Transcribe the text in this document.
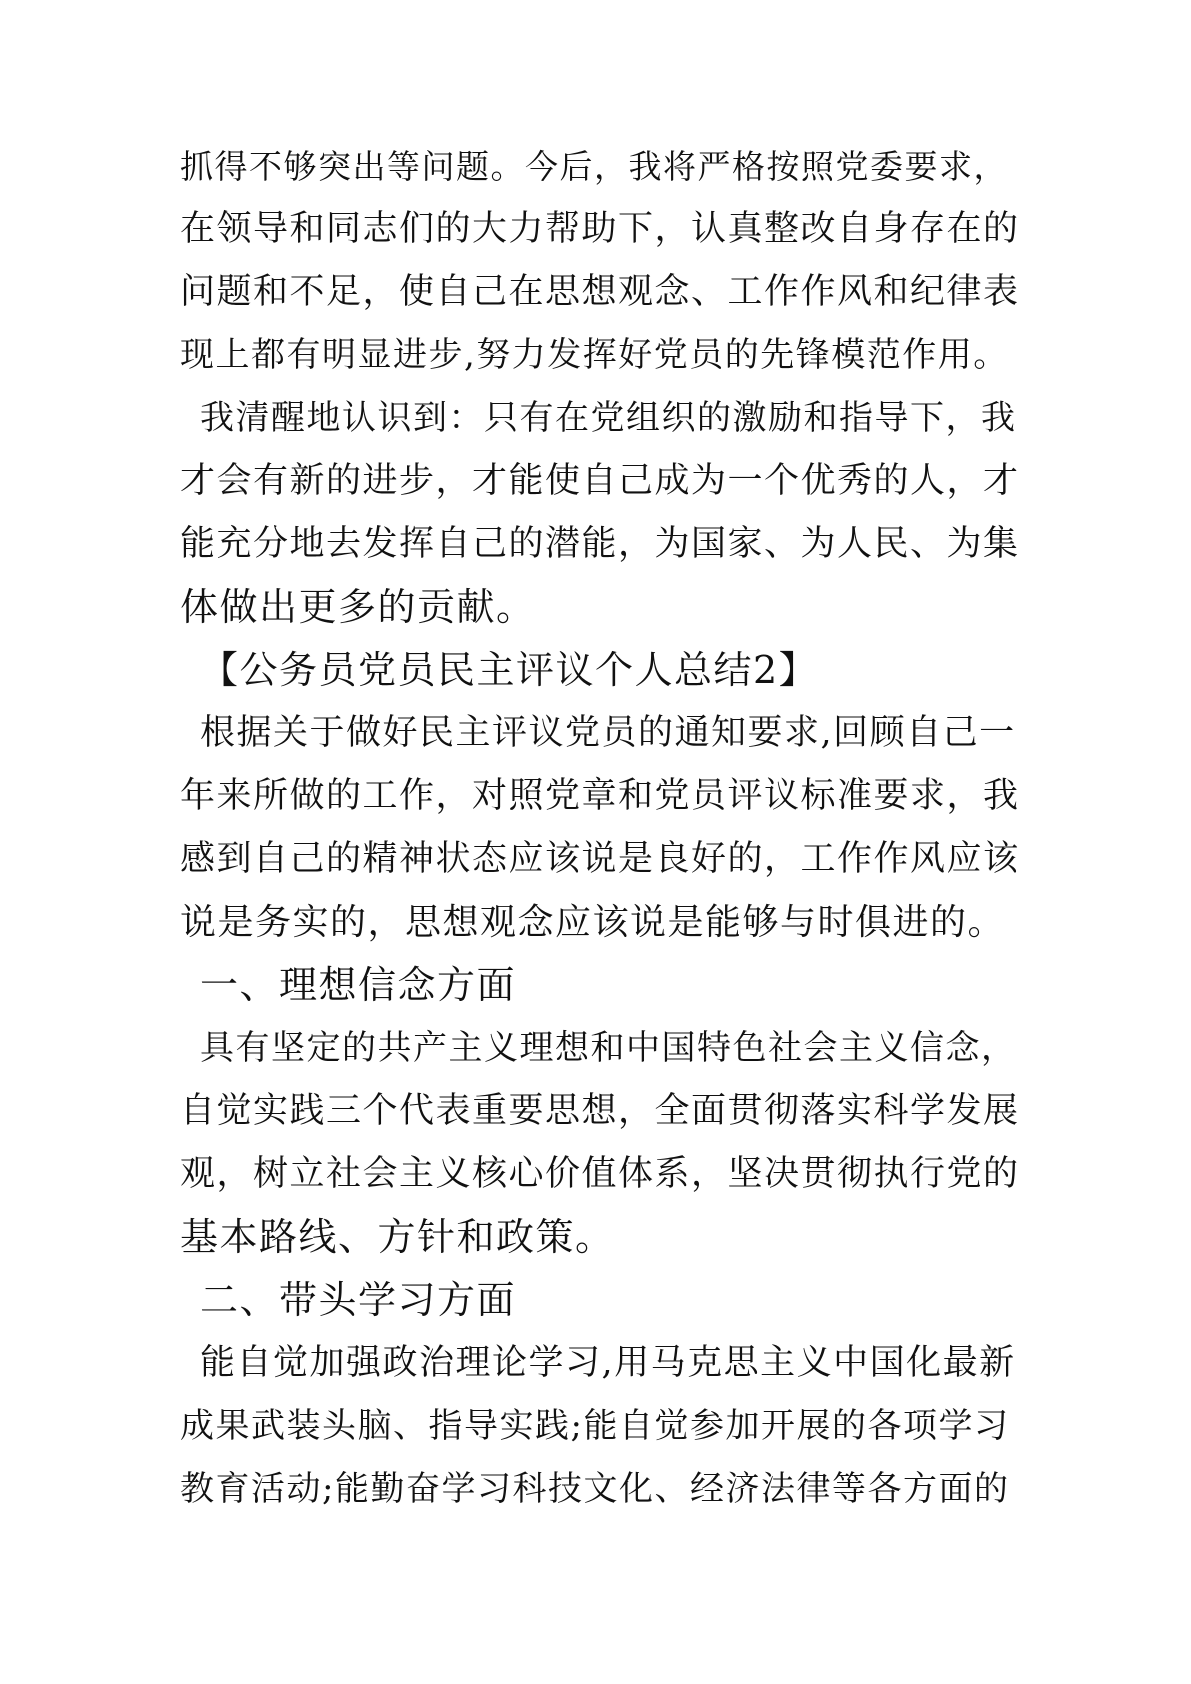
抓得不够突出等问题。今后，我将严格按照党委要求，
在领导和同志们的大力帮助下，认真整改自身存在的
问题和不足，使自己在思想观念、工作作风和纪律表
现上都有明显进步,努力发挥好党员的先锋模范作用。
我清醒地认识到：只有在党组织的激励和指导下，我
才会有新的进步，才能使自己成为一个优秀的人，才
能充分地去发挥自己的潜能，为国家、为人民、为集
体做出更多的贡献。
【公务员党员民主评议个人总结2】
根据关于做好民主评议党员的通知要求,回顾自己一
年来所做的工作，对照党章和党员评议标准要求，我
感到自己的精神状态应该说是良好的，工作作风应该
说是务实的，思想观念应该说是能够与时俱进的。
一、理想信念方面
具有坚定的共产主义理想和中国特色社会主义信念，
自觉实践三个代表重要思想，全面贯彻落实科学发展
观，树立社会主义核心价值体系，坚决贯彻执行党的
基本路线、方针和政策。
二、带头学习方面
能自觉加强政治理论学习,用马克思主义中国化最新
成果武装头脑、指导实践;能自觉参加开展的各项学习
教育活动;能勤奋学习科技文化、经济法律等各方面的
